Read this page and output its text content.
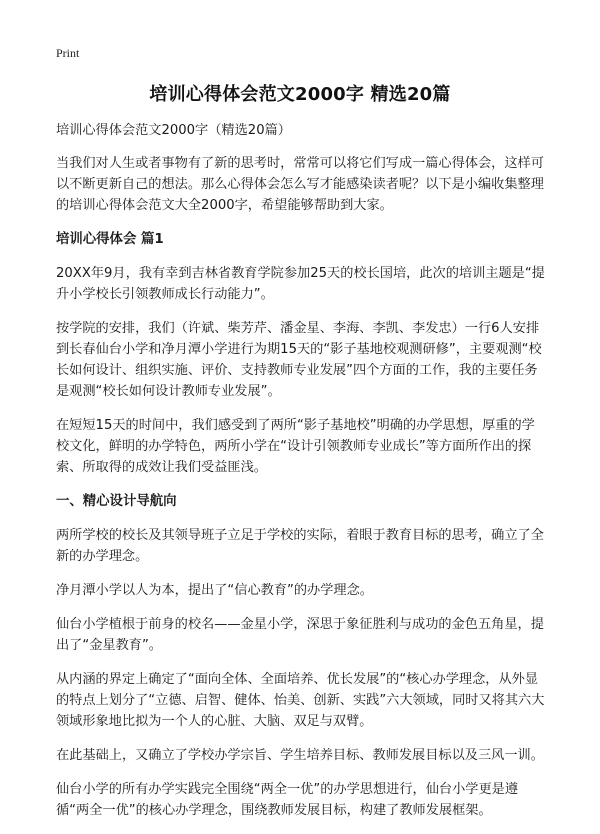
Print
培训心得体会范文2000字 精选20篇

培训心得体会范文2000字（精选20篇）

当我们对人生或者事物有了新的思考时，常常可以将它们写成一篇心得体会，这样可以不断更新自己的想法。那么心得体会怎么写才能感染读者呢？以下是小编收集整理的培训心得体会范文大全2000字，希望能够帮助到大家。

培训心得体会 篇1

20XX年9月，我有幸到吉林省教育学院参加25天的校长国培，此次的培训主题是“提升小学校长引领教师成长行动能力”。

按学院的安排，我们（许斌、柴芳芹、潘金星、李海、李凯、李发忠）一行6人安排到长春仙台小学和净月潭小学进行为期15天的“影子基地校观测研修”，主要观测“校长如何设计、组织实施、评价、支持教师专业发展”四个方面的工作，我的主要任务是观测“校长如何设计教师专业发展”。

在短短15天的时间中，我们感受到了两所“影子基地校”明确的办学思想，厚重的学校文化，鲜明的办学特色，两所小学在“设计引领教师专业成长”等方面所作出的探索、所取得的成效让我们受益匪浅。

一、精心设计导航向

两所学校的校长及其领导班子立足于学校的实际，着眼于教育目标的思考，确立了全新的办学理念。

净月潭小学以人为本，提出了“信心教育”的办学理念。

仙台小学植根于前身的校名——金星小学，深思于象征胜利与成功的金色五角星，提出了“金星教育”。

从内涵的界定上确定了“面向全体、全面培养、优长发展”的“核心办学理念，从外显的特点上划分了“立德、启智、健体、怡美、创新、实践”六大领域，同时又将其六大领域形象地比拟为一个人的心脏、大脑、双足与双臂。

在此基础上，又确立了学校办学宗旨、学生培养目标、教师发展目标以及三风一训。

仙台小学的所有办学实践完全围绕“两全一优”的办学思想进行，仙台小学更是遵循“两全一优”的核心办学理念，围绕教师发展目标，构建了教师发展框架。
